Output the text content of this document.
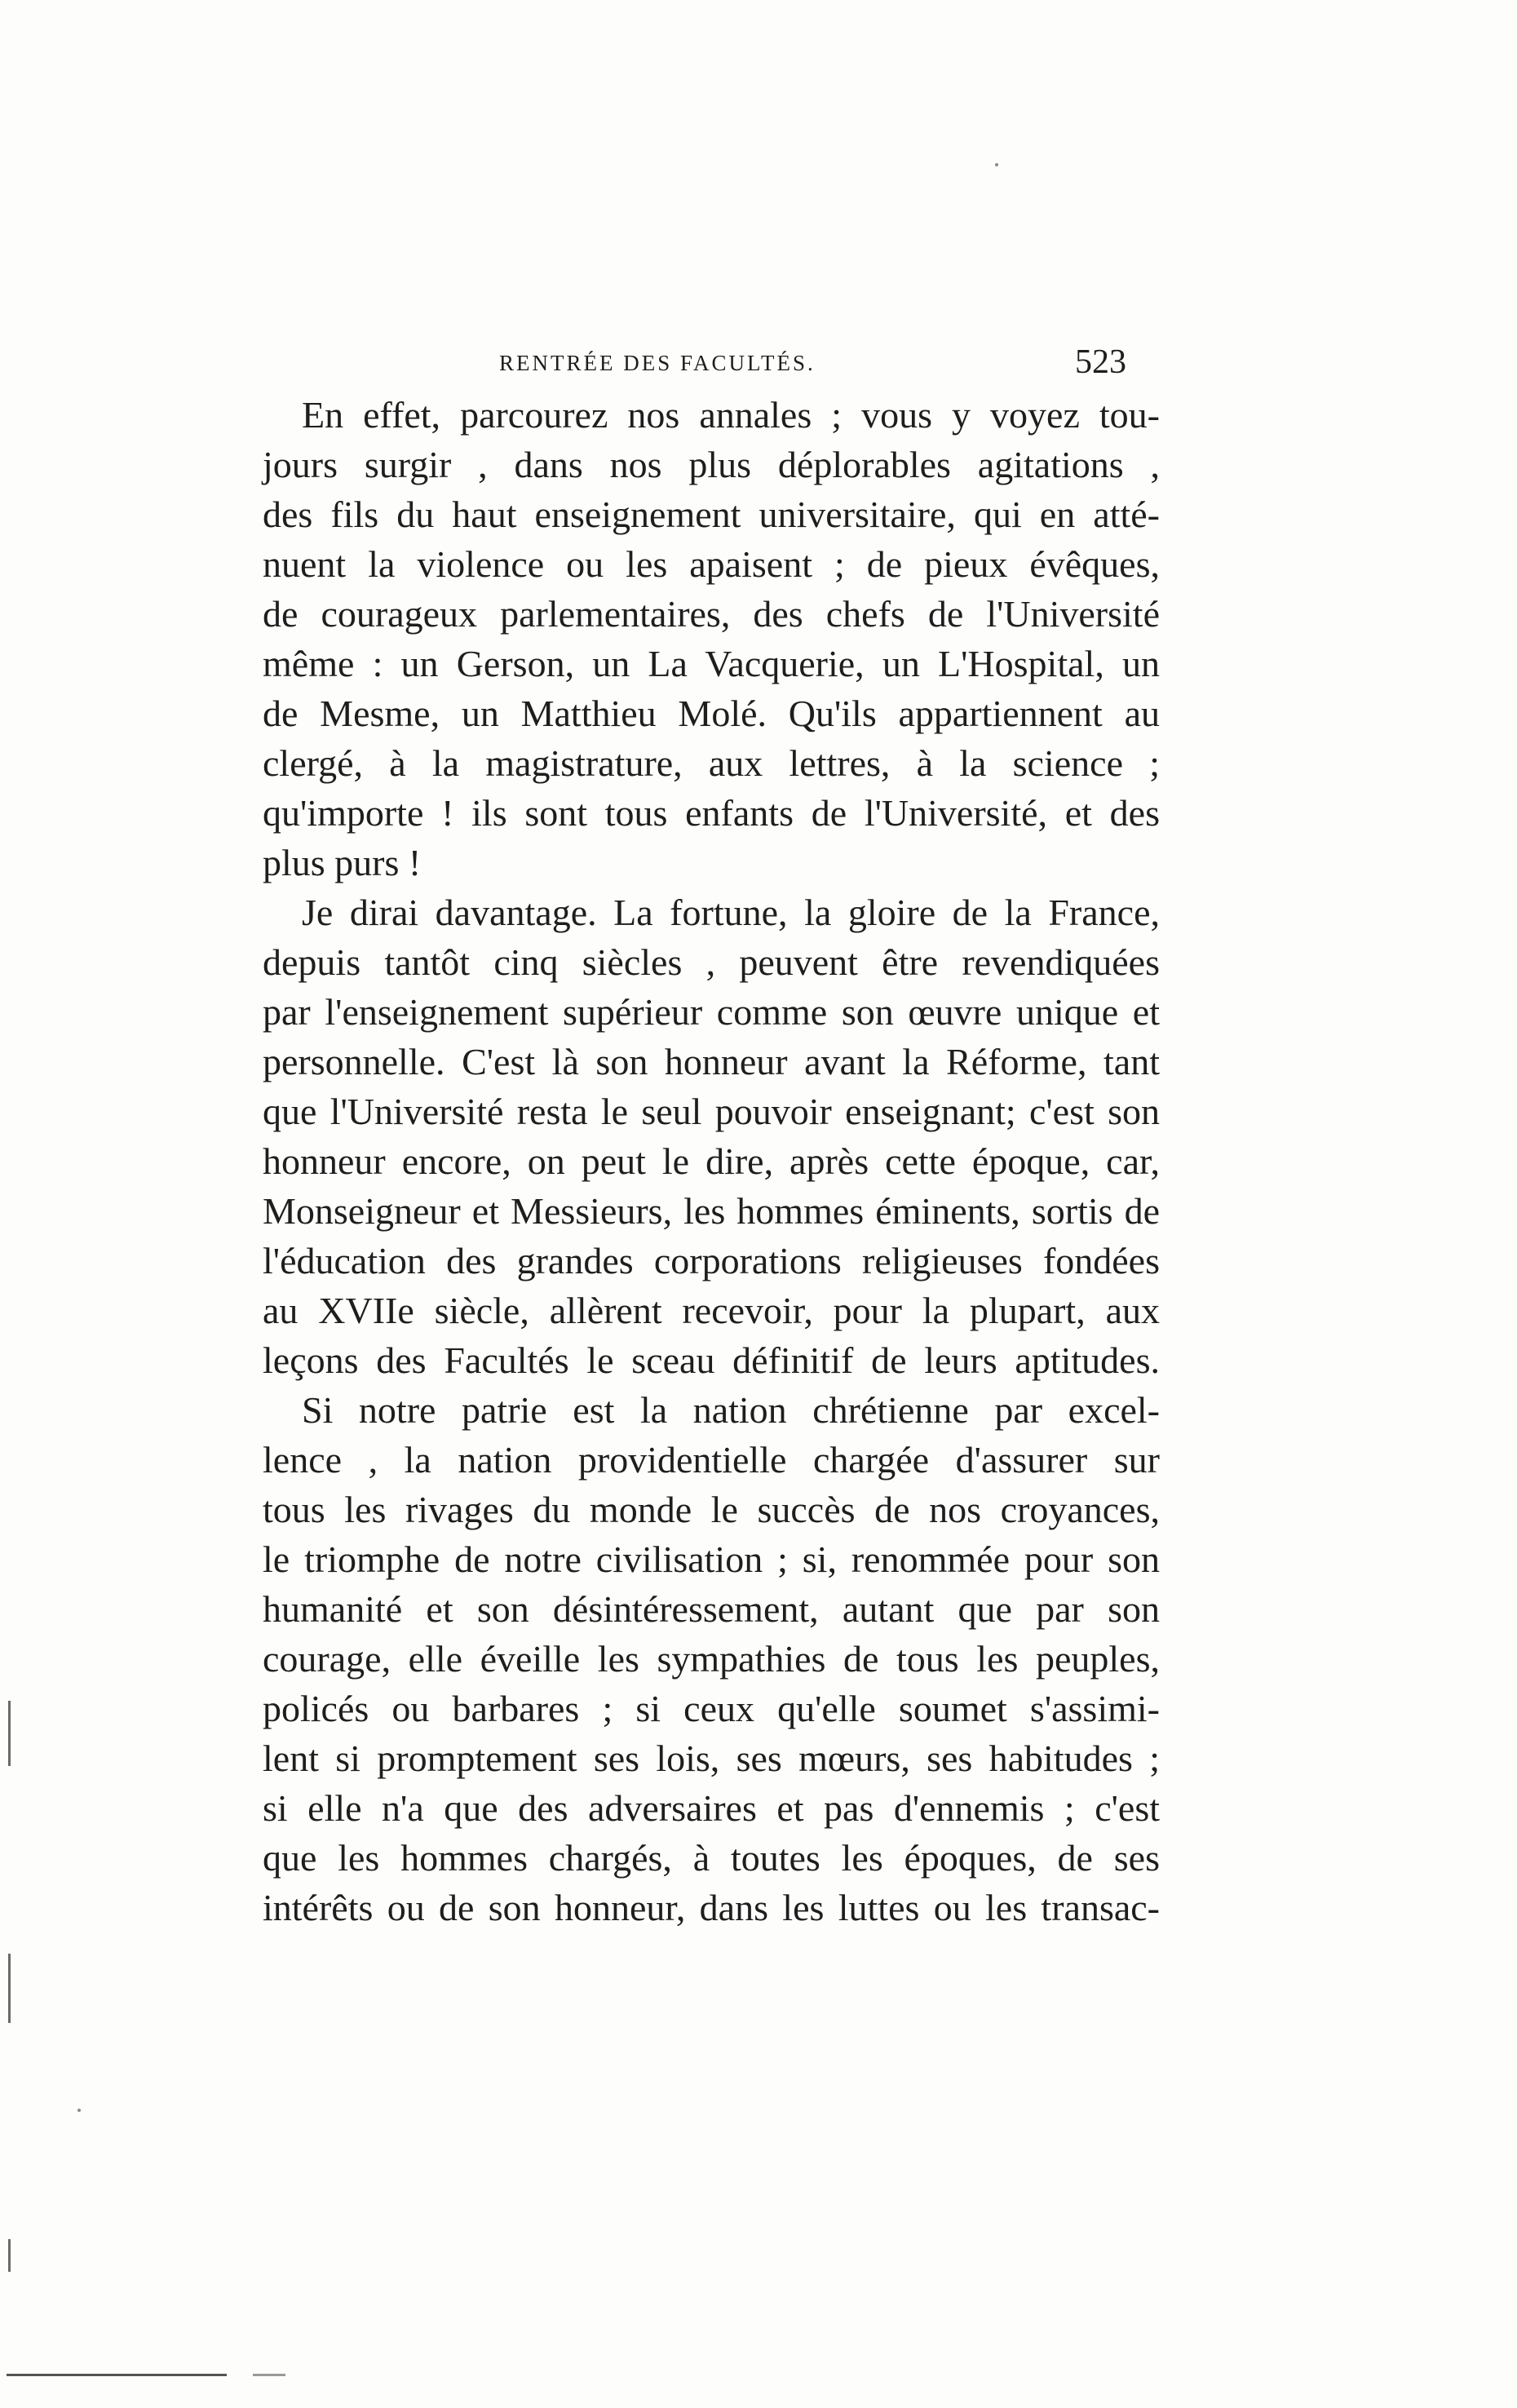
RENTRÉE DES FACULTÉS.	523
En effet, parcourez nos annales ; vous y voyez tou-
jours surgir , dans nos plus déplorables agitations ,
des fils du haut enseignement universitaire, qui en atté-
nuent la violence ou les apaisent ; de pieux évêques,
de courageux parlementaires, des chefs de l'Université
même : un Gerson, un La Vacquerie, un L'Hospital, un
de Mesme, un Matthieu Molé. Qu'ils appartiennent au
clergé, à la magistrature, aux lettres, à la science ;
qu'importe ! ils sont tous enfants de l'Université, et des
plus purs !
Je dirai davantage. La fortune, la gloire de la France,
depuis tantôt cinq siècles , peuvent être revendiquées
par l'enseignement supérieur comme son œuvre unique et
personnelle. C'est là son honneur avant la Réforme, tant
que l'Université resta le seul pouvoir enseignant; c'est son
honneur encore, on peut le dire, après cette époque, car,
Monseigneur et Messieurs, les hommes éminents, sortis de
l'éducation des grandes corporations religieuses fondées
au XVIIe siècle, allèrent recevoir, pour la plupart, aux
leçons des Facultés le sceau définitif de leurs aptitudes.
Si notre patrie est la nation chrétienne par excel-
lence , la nation providentielle chargée d'assurer sur
tous les rivages du monde le succès de nos croyances,
le triomphe de notre civilisation ; si, renommée pour son
humanité et son désintéressement, autant que par son
courage, elle éveille les sympathies de tous les peuples,
policés ou barbares ; si ceux qu'elle soumet s'assimi-
lent si promptement ses lois, ses mœurs, ses habitudes ;
si elle n'a que des adversaires et pas d'ennemis ; c'est
que les hommes chargés, à toutes les époques, de ses
intérêts ou de son honneur, dans les luttes ou les transac-
